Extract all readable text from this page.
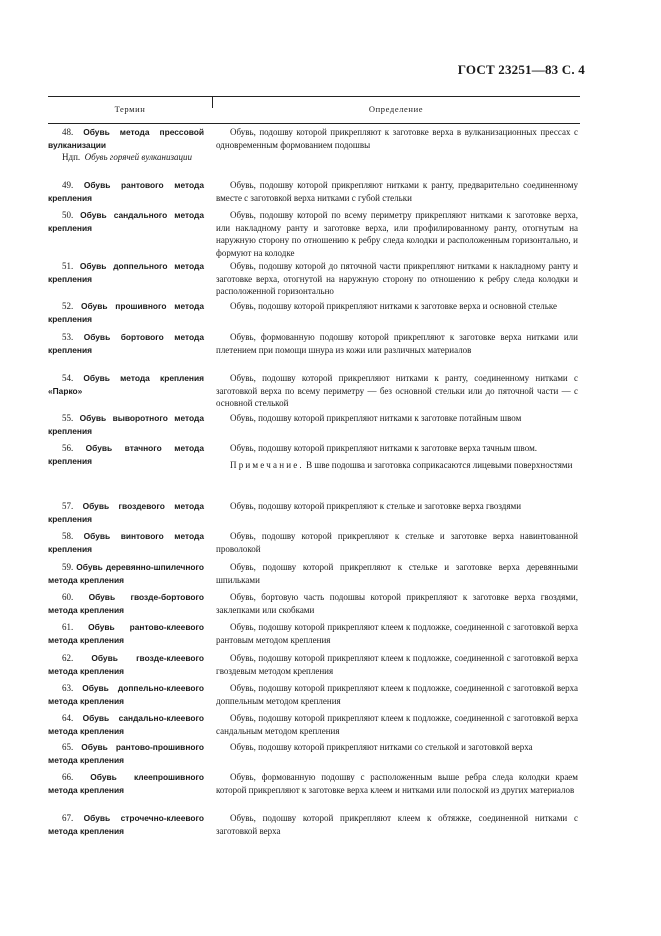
ГОСТ 23251—83 С. 4
Термин	Определение
48. Обувь метода прессовой вулканизации
Ндп. Обувь горячей вулканизации
Обувь, подошву которой прикрепляют к заготовке верха в вулканизационных прессах с одновременным формованием подошвы
49. Обувь рантового метода крепления
Обувь, подошву которой прикрепляют нитками к ранту, предварительно соединенному вместе с заготовкой верха нитками с губой стельки
50. Обувь сандального метода крепления
Обувь, подошву которой по всему периметру прикрепляют нитками к заготовке верха, или накладному ранту и заготовке верха, или профилированному ранту, отогнутым на наружную сторону по отношению к ребру следа колодки и расположенным горизонтально, и формуют на колодке
51. Обувь доппельного метода крепления
Обувь, подошву которой до пяточной части прикрепляют нитками к накладному ранту и заготовке верха, отогнутой на наружную сторону по отношению к ребру следа колодки и расположенной горизонтально
52. Обувь прошивного метода крепления
Обувь, подошву которой прикрепляют нитками к заготовке верха и основной стельке
53. Обувь бортового метода крепления
Обувь, формованную подошву которой прикрепляют к заготовке верха нитками или плетением при помощи шнура из кожи или различных материалов
54. Обувь метода крепления «Парко»
Обувь, подошву которой прикрепляют нитками к ранту, соединенному нитками с заготовкой верха по всему периметру — без основной стельки или до пяточной части — с основной стелькой
55. Обувь выворотного метода крепления
Обувь, подошву которой прикрепляют нитками к заготовке потайным швом
56. Обувь втачного метода крепления
Обувь, подошву которой прикрепляют нитками к заготовке верха тачным швом.
Примечание. В шве подошва и заготовка соприкасаются лицевыми поверхностями
57. Обувь гвоздевого метода крепления
Обувь, подошву которой прикрепляют к стельке и заготовке верха гвоздями
58. Обувь винтового метода крепления
Обувь, подошву которой прикрепляют к стельке и заготовке верха навинтованной проволокой
59. Обувь деревянно-шпилечного метода крепления
Обувь, подошву которой прикрепляют к стельке и заготовке верха деревянными шпильками
60. Обувь гвоздe-бортового метода крепления
Обувь, бортовую часть подошвы которой прикрепляют к заготовке верха гвоздями, заклепками или скобками
61. Обувь рантово-клеевого метода крепления
Обувь, подошву которой прикрепляют клеем к подложке, соединенной с заготовкой верха рантовым методом крепления
62. Обувь гвоздe-клеевого метода крепления
Обувь, подошву которой прикрепляют клеем к подложке, соединенной с заготовкой верха гвоздевым методом крепления
63. Обувь доппельно-клеевого метода крепления
Обувь, подошву которой прикрепляют клеем к подложке, соединенной с заготовкой верха доппельным методом крепления
64. Обувь сандально-клеевого метода крепления
Обувь, подошву которой прикрепляют клеем к подложке, соединенной с заготовкой верха сандальным методом крепления
65. Обувь рантово-прошивного метода крепления
Обувь, подошву которой прикрепляют нитками со стелькой и заготовкой верха
66. Обувь клеепрошивного метода крепления
Обувь, формованную подошву с расположенным выше ребра следа колодки краем которой прикрепляют к заготовке верха клеем и нитками или полоской из других материалов
67. Обувь строчечно-клеевого метода крепления
Обувь, подошву которой прикрепляют клеем к обтяжке, соединенной нитками с заготовкой верха
